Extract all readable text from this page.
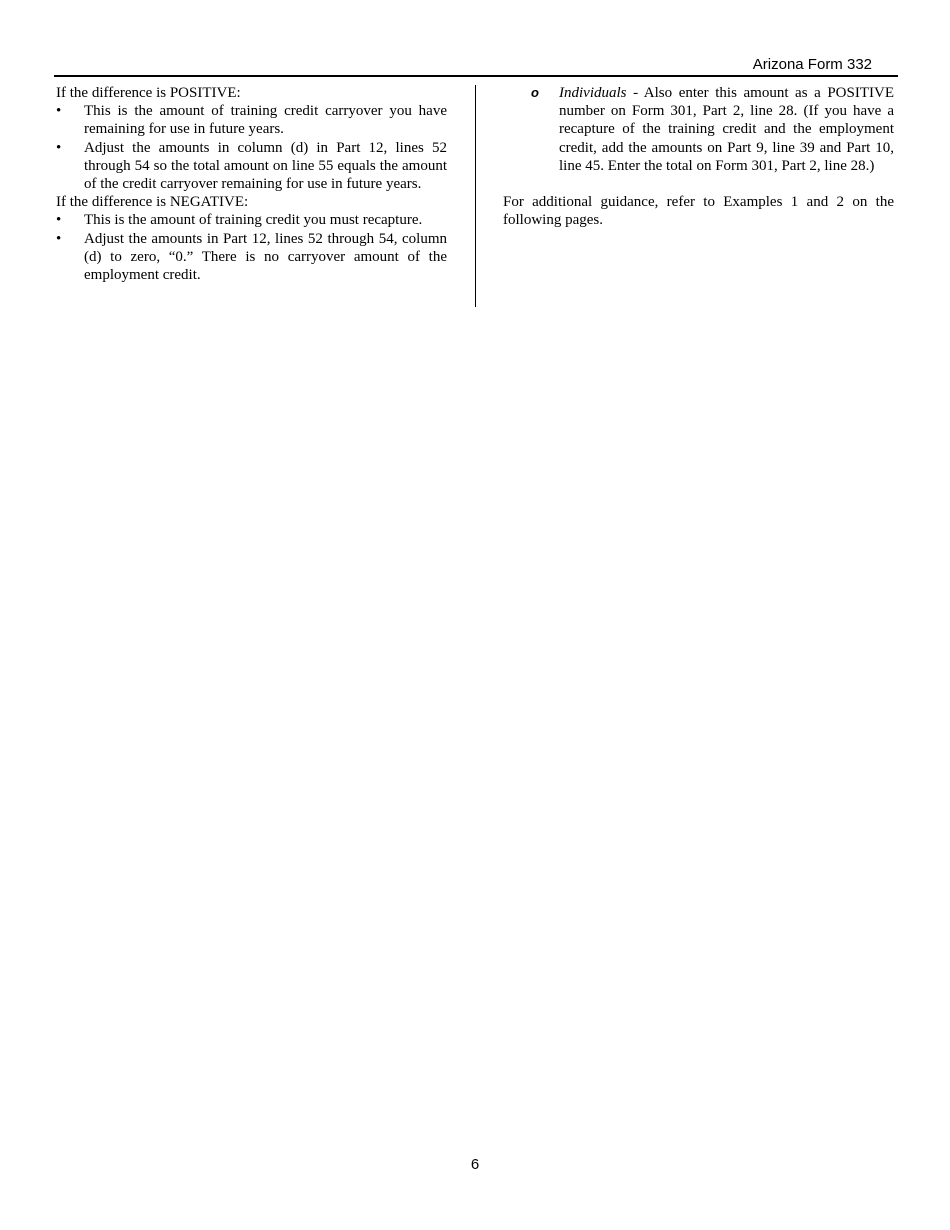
Arizona Form 332

If the difference is POSITIVE:

• This is the amount of training credit carryover you have remaining for use in future years.
• Adjust the amounts in column (d) in Part 12, lines 52 through 54 so the total amount on line 55 equals the amount of the credit carryover remaining for use in future years.

If the difference is NEGATIVE:

• This is the amount of training credit you must recapture.
• Adjust the amounts in Part 12, lines 52 through 54, column (d) to zero, “0.” There is no carryover amount of the employment credit.
o Individuals - Also enter this amount as a POSITIVE number on Form 301, Part 2, line 28. (If you have a recapture of the training credit and the employment credit, add the amounts on Part 9, line 39 and Part 10, line 45. Enter the total on Form 301, Part 2, line 28.)

For additional guidance, refer to Examples 1 and 2 on the following pages.

6
